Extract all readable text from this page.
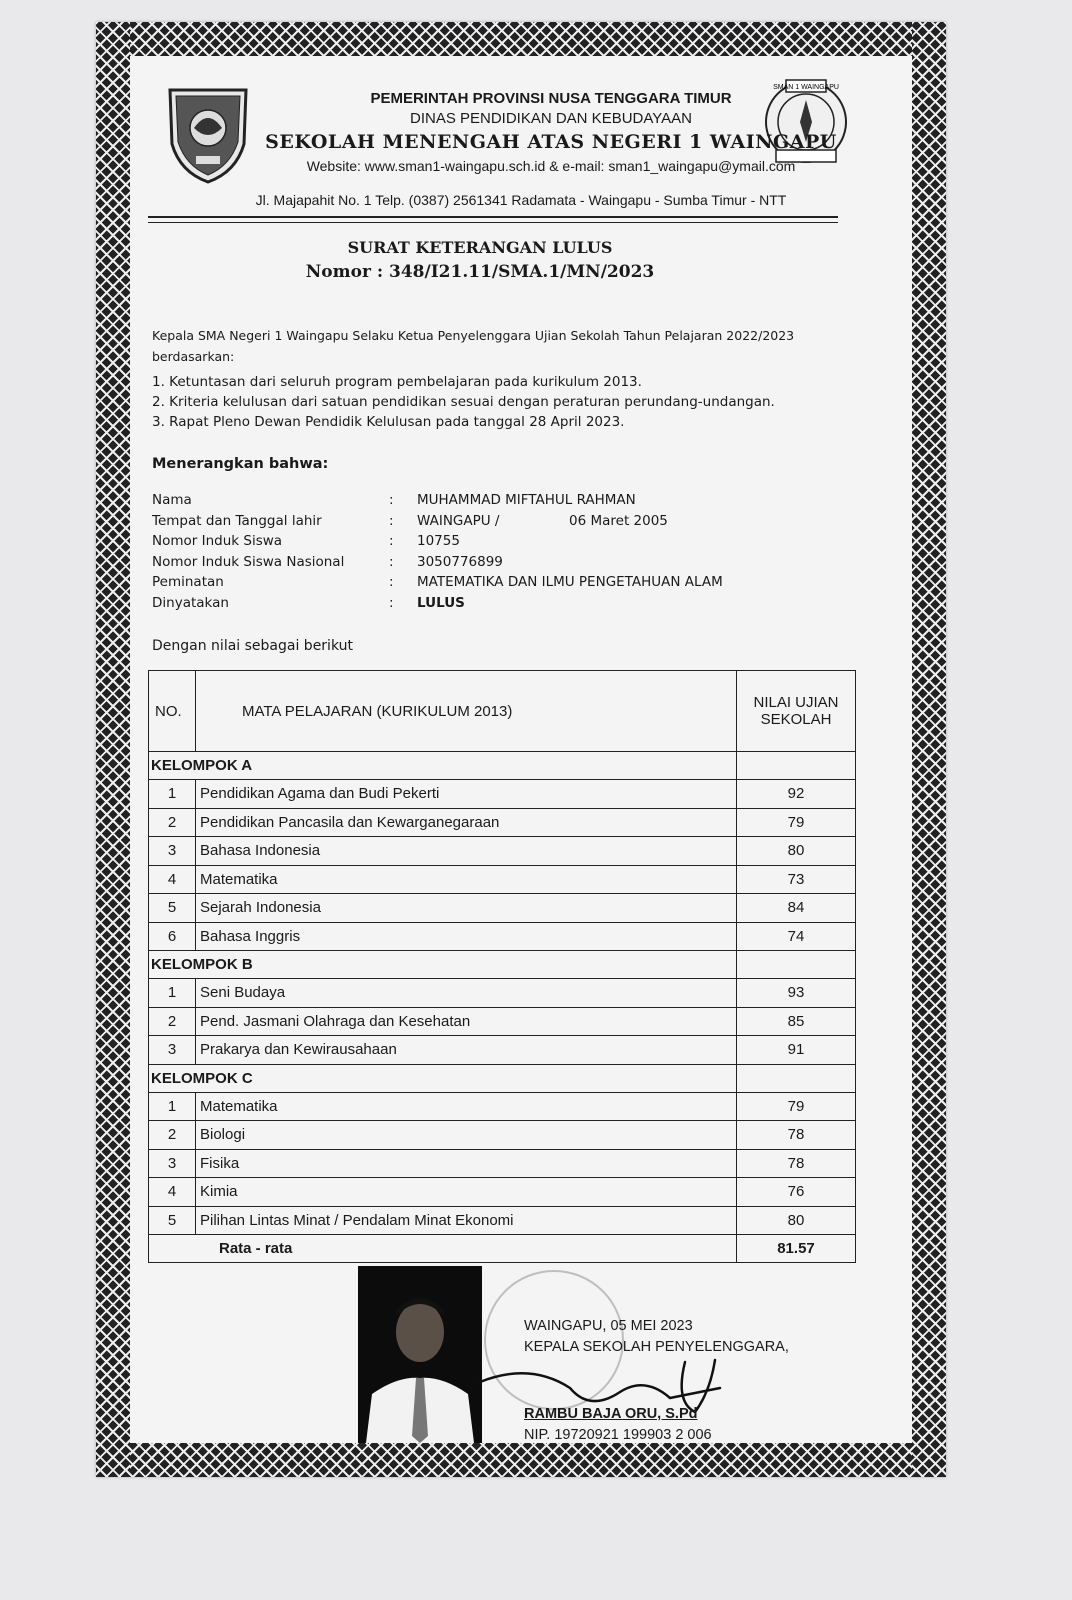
SMAN 1 WAINGAPU
PEMERINTAH PROVINSI NUSA TENGGARA TIMUR
DINAS PENDIDIKAN DAN KEBUDAYAAN
SEKOLAH MENENGAH ATAS NEGERI 1 WAINGAPU
Website: www.sman1-waingapu.sch.id & e-mail: sman1_waingapu@ymail.com
Jl. Majapahit No. 1 Telp. (0387) 2561341 Radamata - Waingapu - Sumba Timur - NTT
SURAT KETERANGAN LULUS
Nomor : 348/I21.11/SMA.1/MN/2023
Kepala SMA Negeri 1 Waingapu Selaku Ketua Penyelenggara Ujian Sekolah Tahun Pelajaran 2022/2023
berdasarkan:
1. Ketuntasan dari seluruh program pembelajaran pada kurikulum 2013.
2. Kriteria kelulusan dari satuan pendidikan sesuai dengan peraturan perundang-undangan.
3. Rapat Pleno Dewan Pendidik Kelulusan pada tanggal 28 April 2023.
Menerangkan bahwa:
Nama	: MUHAMMAD MIFTAHUL RAHMAN
Tempat dan Tanggal lahir	: WAINGAPU /	06 Maret 2005
Nomor Induk Siswa	: 10755
Nomor Induk Siswa Nasional	: 3050776899
Peminatan	: MATEMATIKA DAN ILMU PENGETAHUAN ALAM
Dinyatakan	: LULUS
Dengan nilai sebagai berikut
NO.	MATA PELAJARAN (KURIKULUM 2013)	NILAI UJIAN
SEKOLAH

KELOMPOK A		
1	Pendidikan Agama dan Budi Pekerti	92
2	Pendidikan Pancasila dan Kewarganegaraan	79
3	Bahasa Indonesia	80
4	Matematika	73
5	Sejarah Indonesia	84
6	Bahasa Inggris	74
KELOMPOK B		
1	Seni Budaya	93
2	Pend. Jasmani Olahraga dan Kesehatan	85
3	Prakarya dan Kewirausahaan	91
KELOMPOK C		
1	Matematika	79
2	Biologi	78
3	Fisika	78
4	Kimia	76
5	Pilihan Lintas Minat / Pendalam Minat Ekonomi	80
Rata - rata		81.57
WAINGAPU, 05 MEI 2023
KEPALA SEKOLAH PENYELENGGARA,
RAMBU BAJA ORU, S.Pd
NIP. 19720921 199903 2 006
